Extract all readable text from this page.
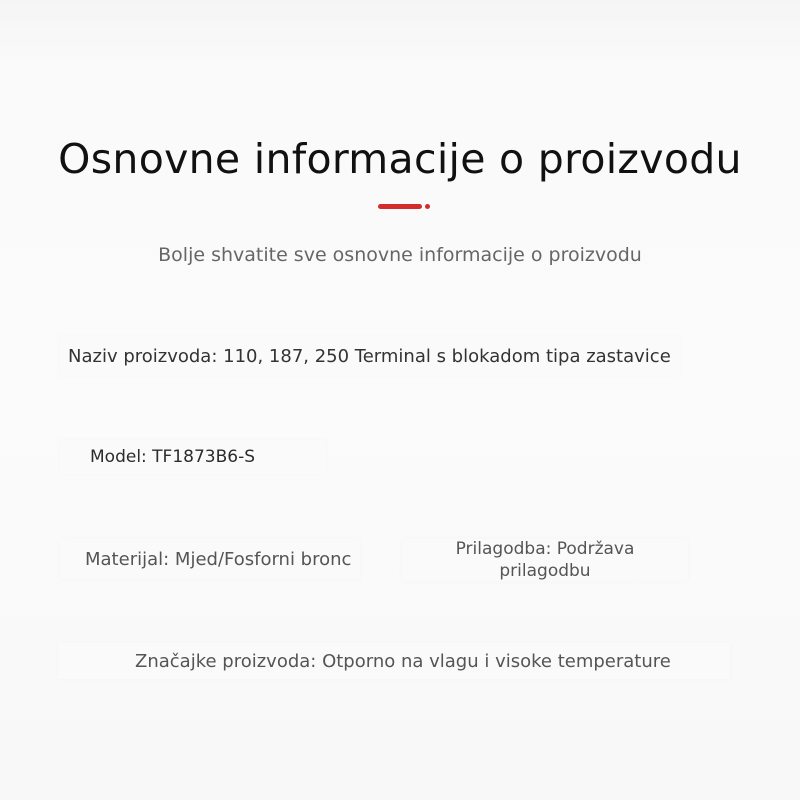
Osnovne informacije o proizvodu
Bolje shvatite sve osnovne informacije o proizvodu
Naziv proizvoda: 110, 187, 250 Terminal s blokadom tipa zastavice
Model: TF1873B6-S
Materijal: Mjed/Fosforni bronc	Prilagodba: Podržava prilagodbu
Značajke proizvoda: Otporno na vlagu i visoke temperature
